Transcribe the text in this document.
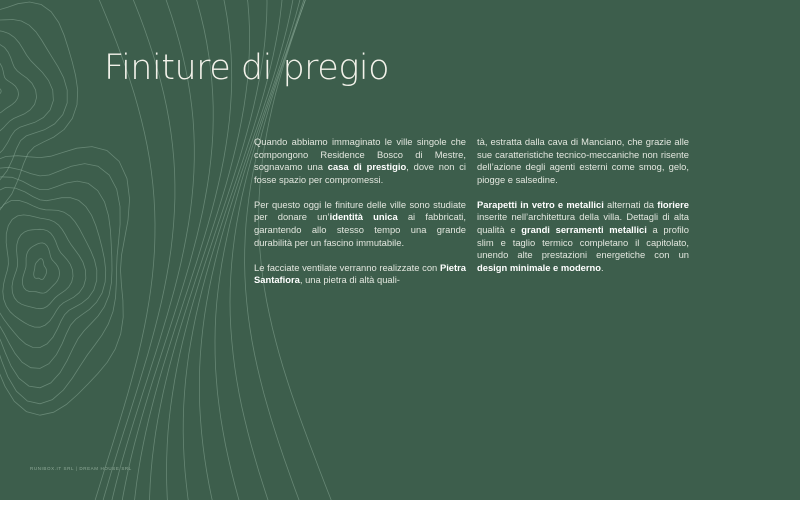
Finiture di pregio

Quando abbiamo immaginato le ville singole che compongono Residence Bosco di Mestre, sognavamo una casa di prestigio, dove non ci fosse spazio per compromessi.

Per questo oggi le finiture delle ville sono studiate per donare un’identità unica ai fabbricati, garantendo allo stesso tempo una grande durabilità per un fascino immutabile.

Le facciate ventilate verranno realizzate con Pietra Santafiora, una pietra di altà quali-

tà, estratta dalla cava di Manciano, che grazie alle sue caratteristiche tecnico-meccaniche non risente dell’azione degli agenti esterni come smog, gelo, piogge e salsedine.

Parapetti in vetro e metallici alternati da fioriere inserite nell’architettura della villa. Dettagli di alta qualità e grandi serramenti metallici a profilo slim e taglio termico completano il capitolato, unendo alte prestazioni energetiche con un design minimale e moderno.

RUNIBOX.IT SRL | DREAM HOUSE SRL
